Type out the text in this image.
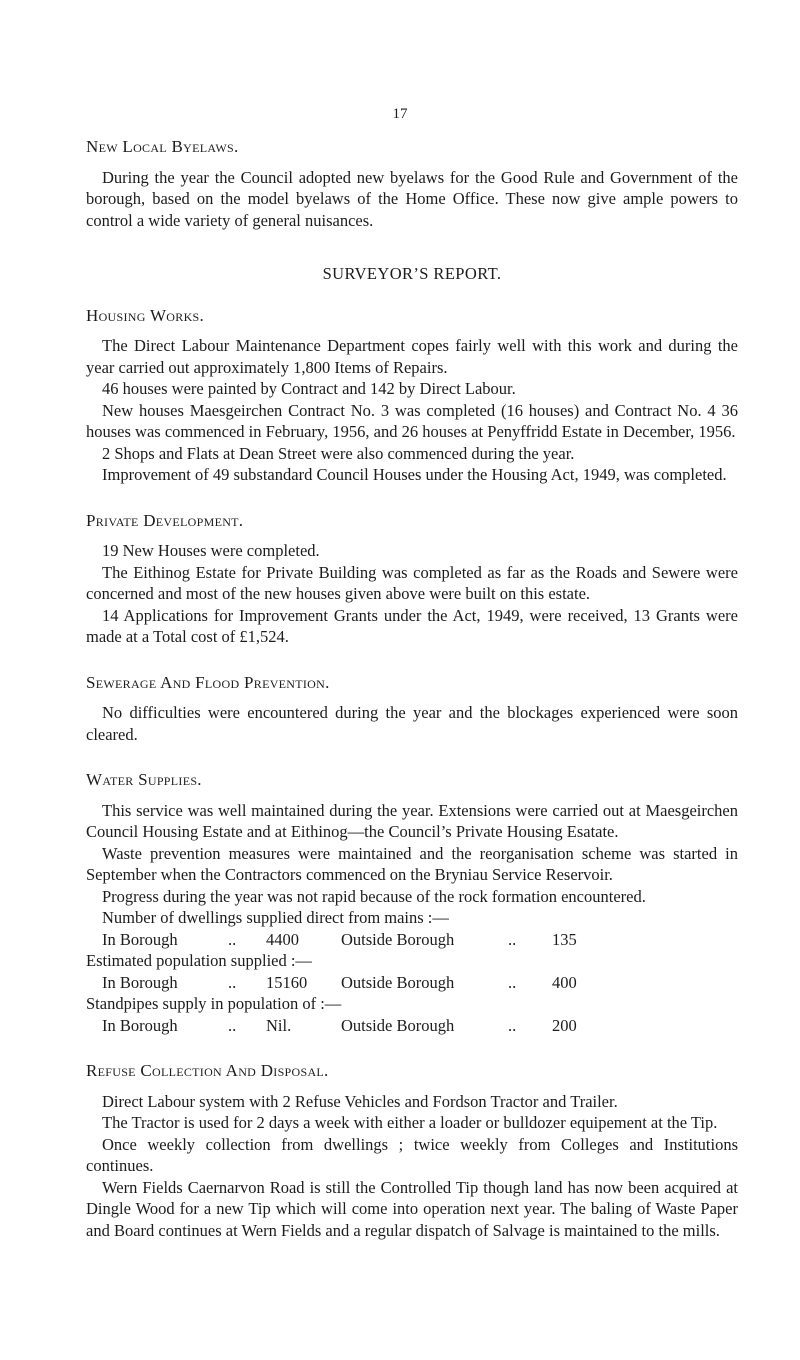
17
New Local Byelaws.

During the year the Council adopted new byelaws for the Good Rule and Government of the borough, based on the model byelaws of the Home Office. These now give ample powers to control a wide variety of general nuisances.

SURVEYOR’S REPORT.
Housing Works.

The Direct Labour Maintenance Department copes fairly well with this work and during the year carried out approximately 1,800 Items of Repairs.

46 houses were painted by Contract and 142 by Direct Labour.

New houses Maesgeirchen Contract No. 3 was completed (16 houses) and Contract No. 4 36 houses was commenced in February, 1956, and 26 houses at Penyffridd Estate in December, 1956.

2 Shops and Flats at Dean Street were also commenced during the year.

Improvement of 49 substandard Council Houses under the Housing Act, 1949, was completed.

Private Development.

19 New Houses were completed.

The Eithinog Estate for Private Building was completed as far as the Roads and Sewere were concerned and most of the new houses given above were built on this estate.

14 Applications for Improvement Grants under the Act, 1949, were received, 13 Grants were made at a Total cost of £1,524.

Sewerage And Flood Prevention.

No difficulties were encountered during the year and the blockages experienced were soon cleared.

Water Supplies.

This service was well maintained during the year. Extensions were carried out at Maesgeirchen Council Housing Estate and at Eithinog—the Council’s Private Housing Esatate.

Waste prevention measures were maintained and the reorganisation scheme was started in September when the Contractors commenced on the Bryniau Service Reservoir.

Progress during the year was not rapid because of the rock formation encountered.

Number of dwellings supplied direct from mains :—

In Borough	..	4400	Outside Borough	..	135

Estimated population supplied :—

In Borough	..	15160	Outside Borough	..	400

Standpipes supply in population of :—

In Borough	..	Nil.	Outside Borough	..	200
Refuse Collection And Disposal.

Direct Labour system with 2 Refuse Vehicles and Fordson Tractor and Trailer.

The Tractor is used for 2 days a week with either a loader or bulldozer equipement at the Tip.

Once weekly collection from dwellings ; twice weekly from Colleges and Institutions continues.

Wern Fields Caernarvon Road is still the Controlled Tip though land has now been acquired at Dingle Wood for a new Tip which will come into operation next year. The baling of Waste Paper and Board continues at Wern Fields and a regular dispatch of Salvage is maintained to the mills.
